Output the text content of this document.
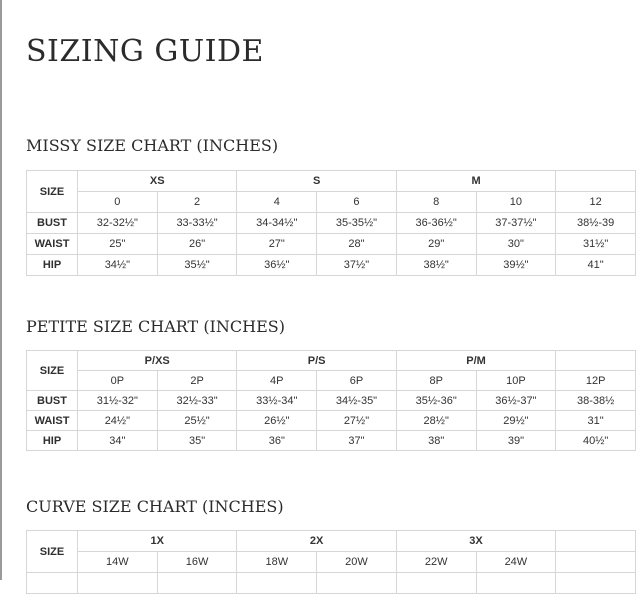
SIZING GUIDE
MISSY SIZE CHART (INCHES)
SIZE	XS		S		M		
	0	2	4	6	8	10	12
BUST	32-32½"	33-33½"	34-34½"	35-35½"	36-36½"	37-37½"	38½-39
WAIST	25"	26"	27"	28"	29"	30"	31½"
HIP	34½"	35½"	36½"	37½"	38½"	39½"	41"
PETITE SIZE CHART (INCHES)
SIZE	P/XS		P/S		P/M		
	0P	2P	4P	6P	8P	10P	12P
BUST	31½-32"	32½-33"	33½-34"	34½-35"	35½-36"	36½-37"	38-38½
WAIST	24½"	25½"	26½"	27½"	28½"	29½"	31"
HIP	34"	35"	36"	37"	38"	39"	40½"
CURVE SIZE CHART (INCHES)
SIZE	1X		2X		3X		
	14W	16W	18W	20W	22W	24W	
